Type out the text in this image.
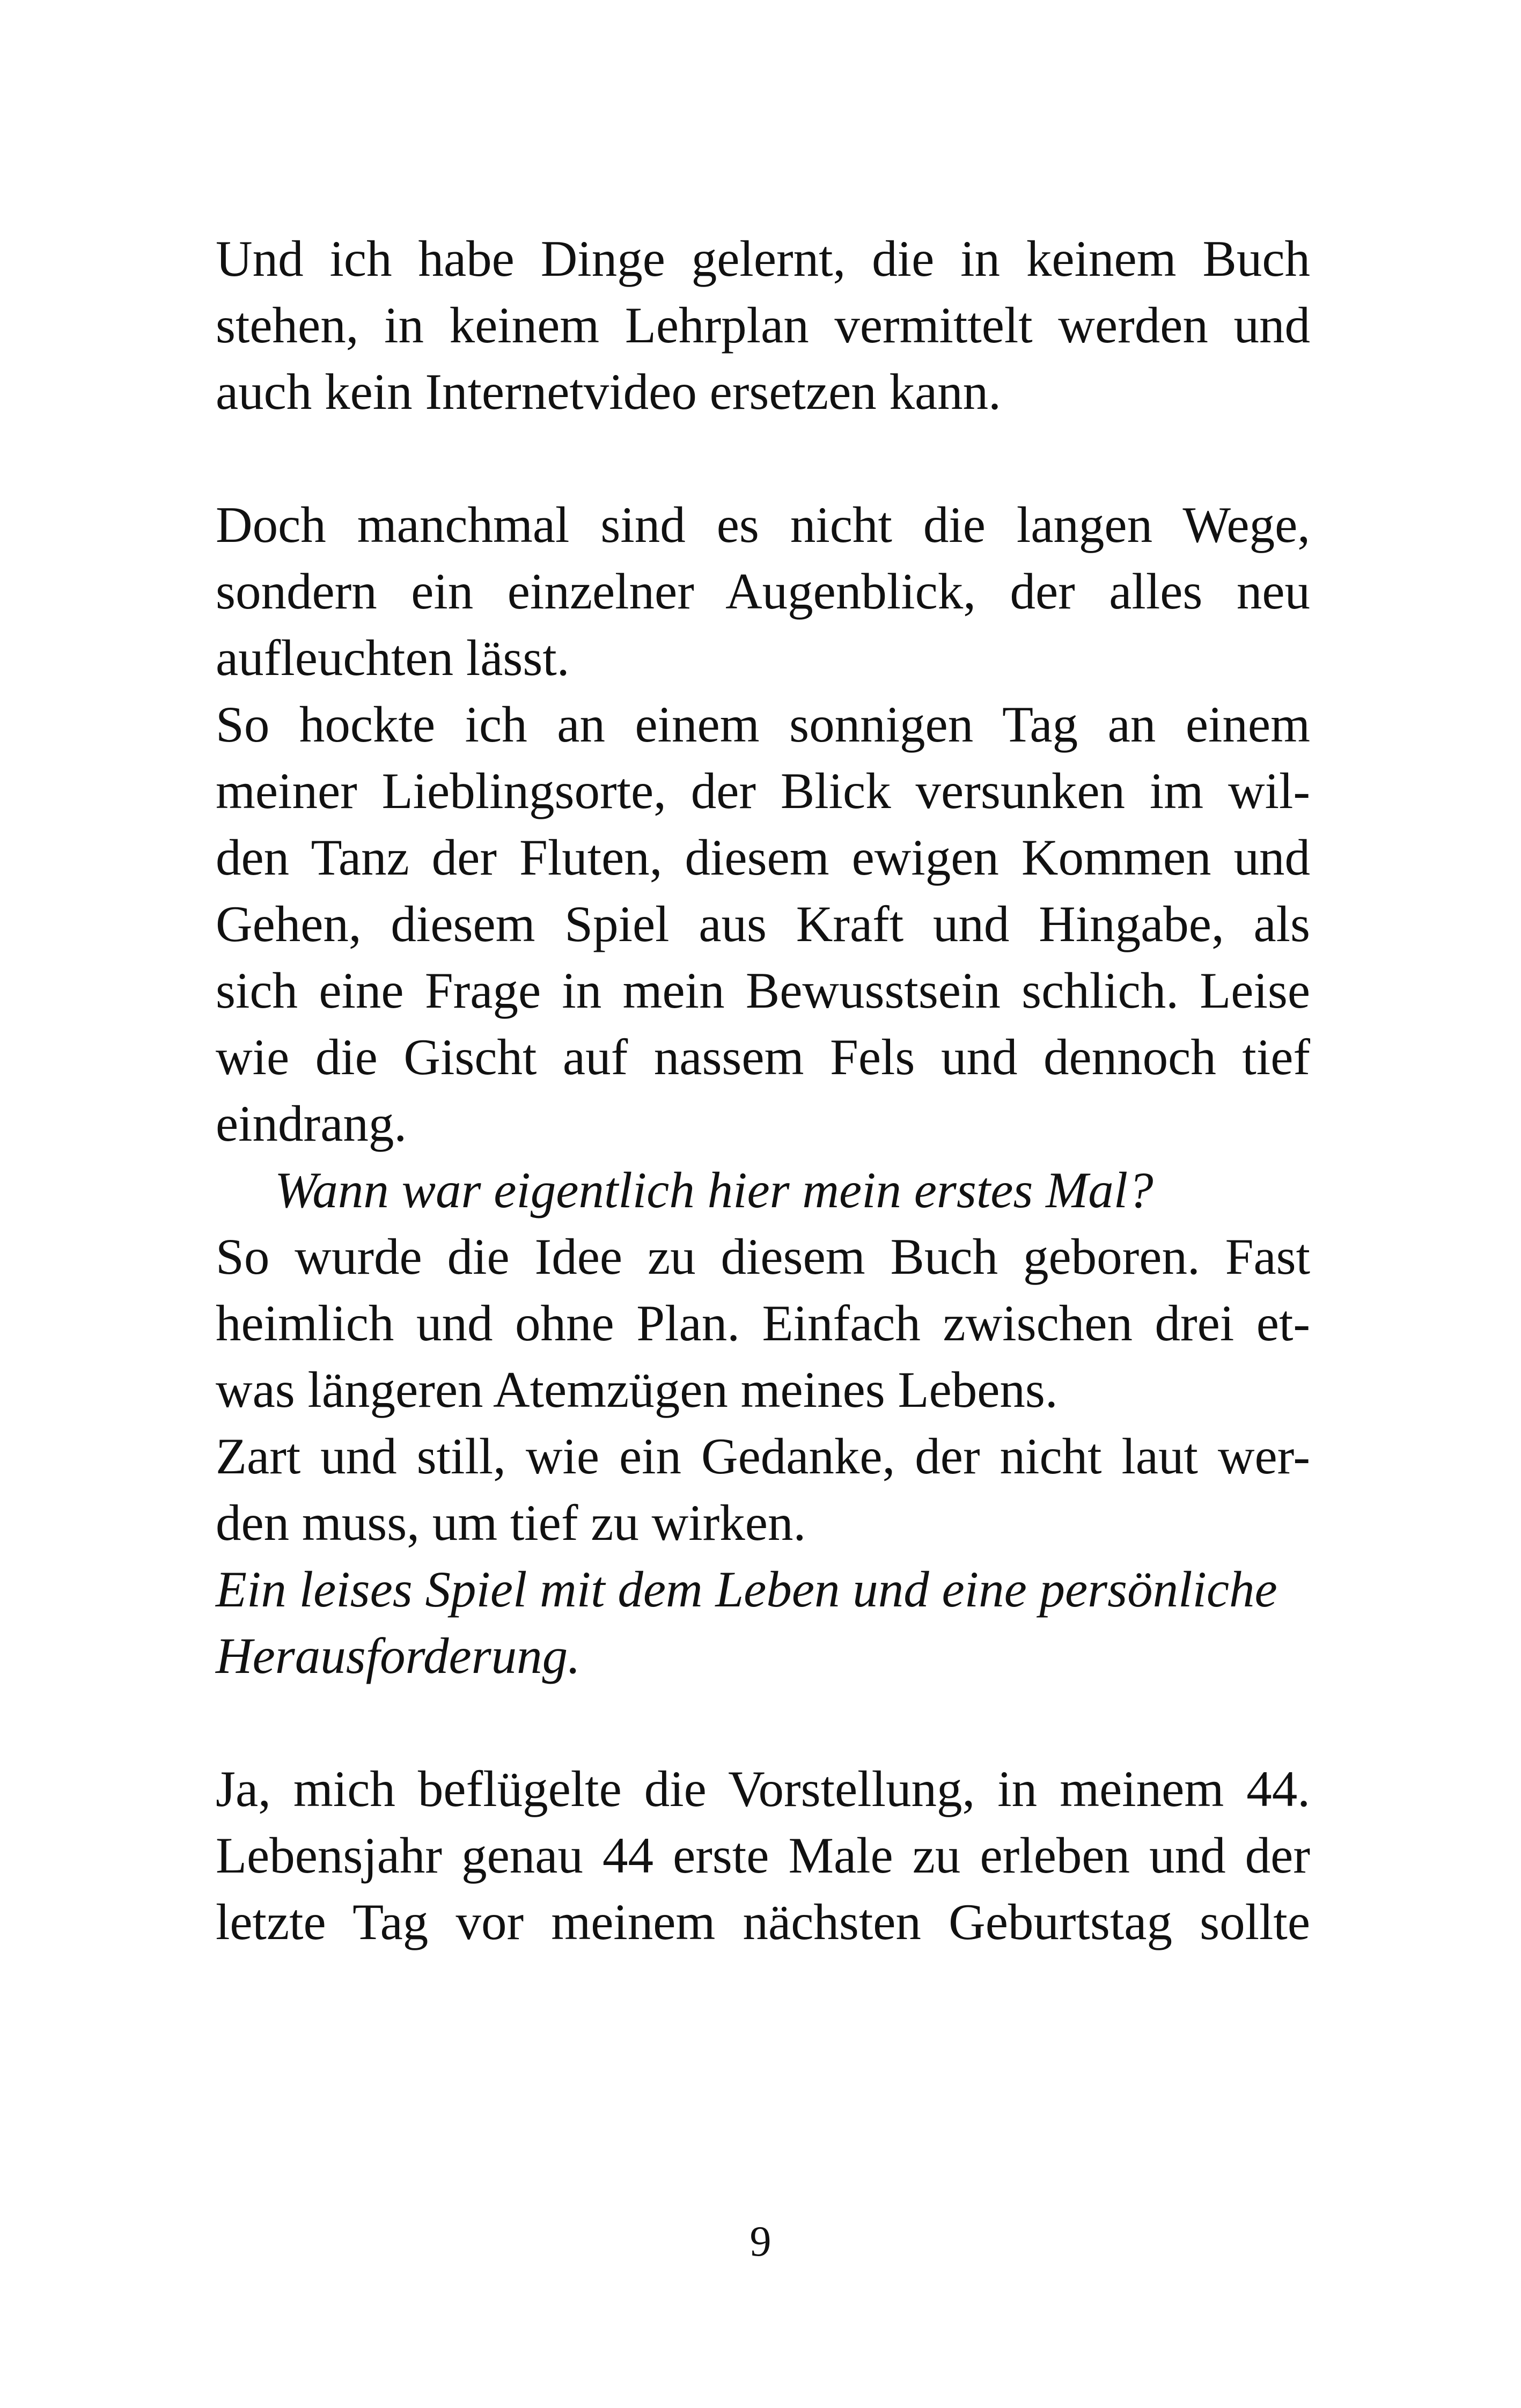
Und ich habe Dinge gelernt, die in keinem Buch
stehen, in keinem Lehrplan vermittelt werden und
auch kein Internetvideo ersetzen kann.
Doch manchmal sind es nicht die langen Wege,
sondern ein einzelner Augenblick, der alles neu
aufleuchten lässt.
So hockte ich an einem sonnigen Tag an einem
meiner Lieblingsorte, der Blick versunken im wil-
den Tanz der Fluten, diesem ewigen Kommen und
Gehen, diesem Spiel aus Kraft und Hingabe, als
sich eine Frage in mein Bewusstsein schlich. Leise
wie die Gischt auf nassem Fels und dennoch tief
eindrang.
Wann war eigentlich hier mein erstes Mal?
So wurde die Idee zu diesem Buch geboren. Fast
heimlich und ohne Plan. Einfach zwischen drei et-
was längeren Atemzügen meines Lebens.
Zart und still, wie ein Gedanke, der nicht laut wer-
den muss, um tief zu wirken.
Ein leises Spiel mit dem Leben und eine persönliche
Herausforderung.
Ja, mich beflügelte die Vorstellung, in meinem 44.
Lebensjahr genau 44 erste Male zu erleben und der
letzte Tag vor meinem nächsten Geburtstag sollte
9
